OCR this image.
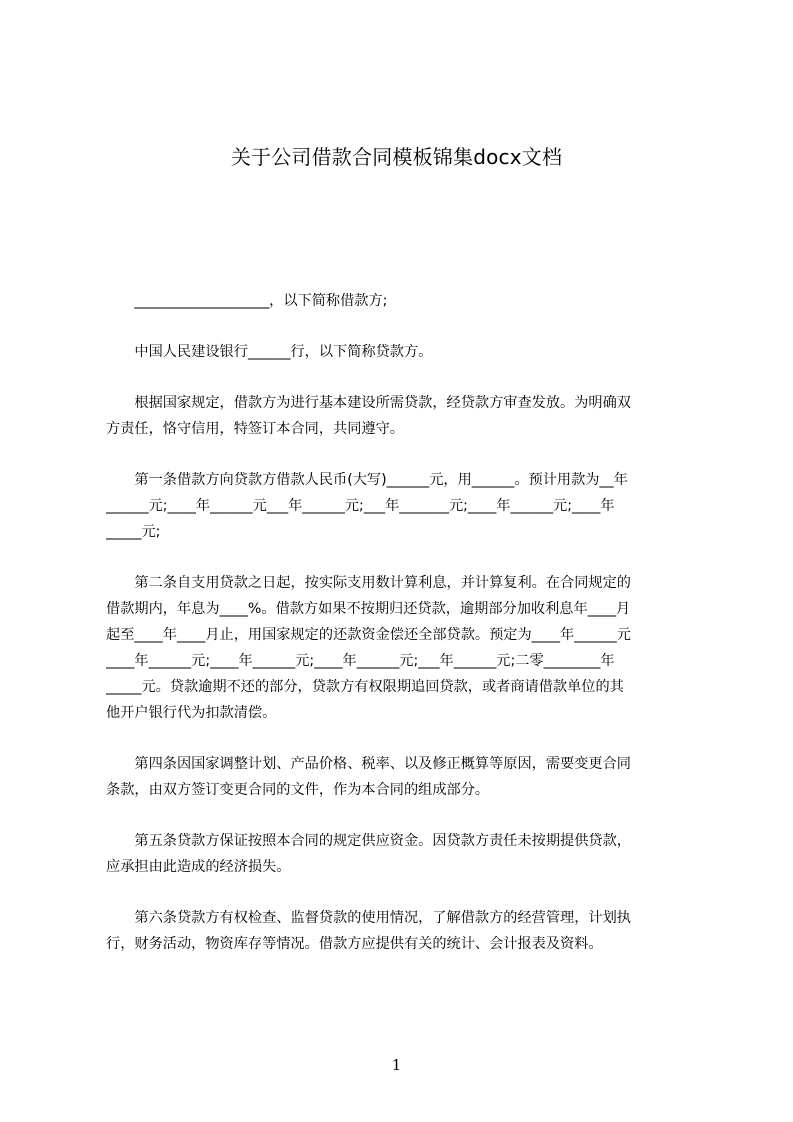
关于公司借款合同模板锦集docx文档
___________________，以下简称借款方;
中国人民建设银行______行，以下简称贷款方。
根据国家规定，借款方为进行基本建设所需贷款，经贷款方审查发放。为明确双
方责任，恪守信用，特签订本合同，共同遵守。
第一条借款方向贷款方借款人民币(大写)______元，用______。预计用款为__年
______元;____年______元___年______元;___年_______元;____年______元;____年
_____元;
第二条自支用贷款之日起，按实际支用数计算利息，并计算复利。在合同规定的
借款期内，年息为____%。借款方如果不按期归还贷款，逾期部分加收利息年____月
起至____年____月止，用国家规定的还款资金偿还全部贷款。预定为____年______元
____年______元;____年______元;____年______元;___年______元;二零________年
_____元。贷款逾期不还的部分，贷款方有权限期追回贷款，或者商请借款单位的其
他开户银行代为扣款清偿。
第四条因国家调整计划、产品价格、税率、以及修正概算等原因，需要变更合同
条款，由双方签订变更合同的文件，作为本合同的组成部分。
第五条贷款方保证按照本合同的规定供应资金。因贷款方责任未按期提供贷款，
应承担由此造成的经济损失。
第六条贷款方有权检查、监督贷款的使用情况，了解借款方的经营管理，计划执
行，财务活动，物资库存等情况。借款方应提供有关的统计、会计报表及资料。
1
